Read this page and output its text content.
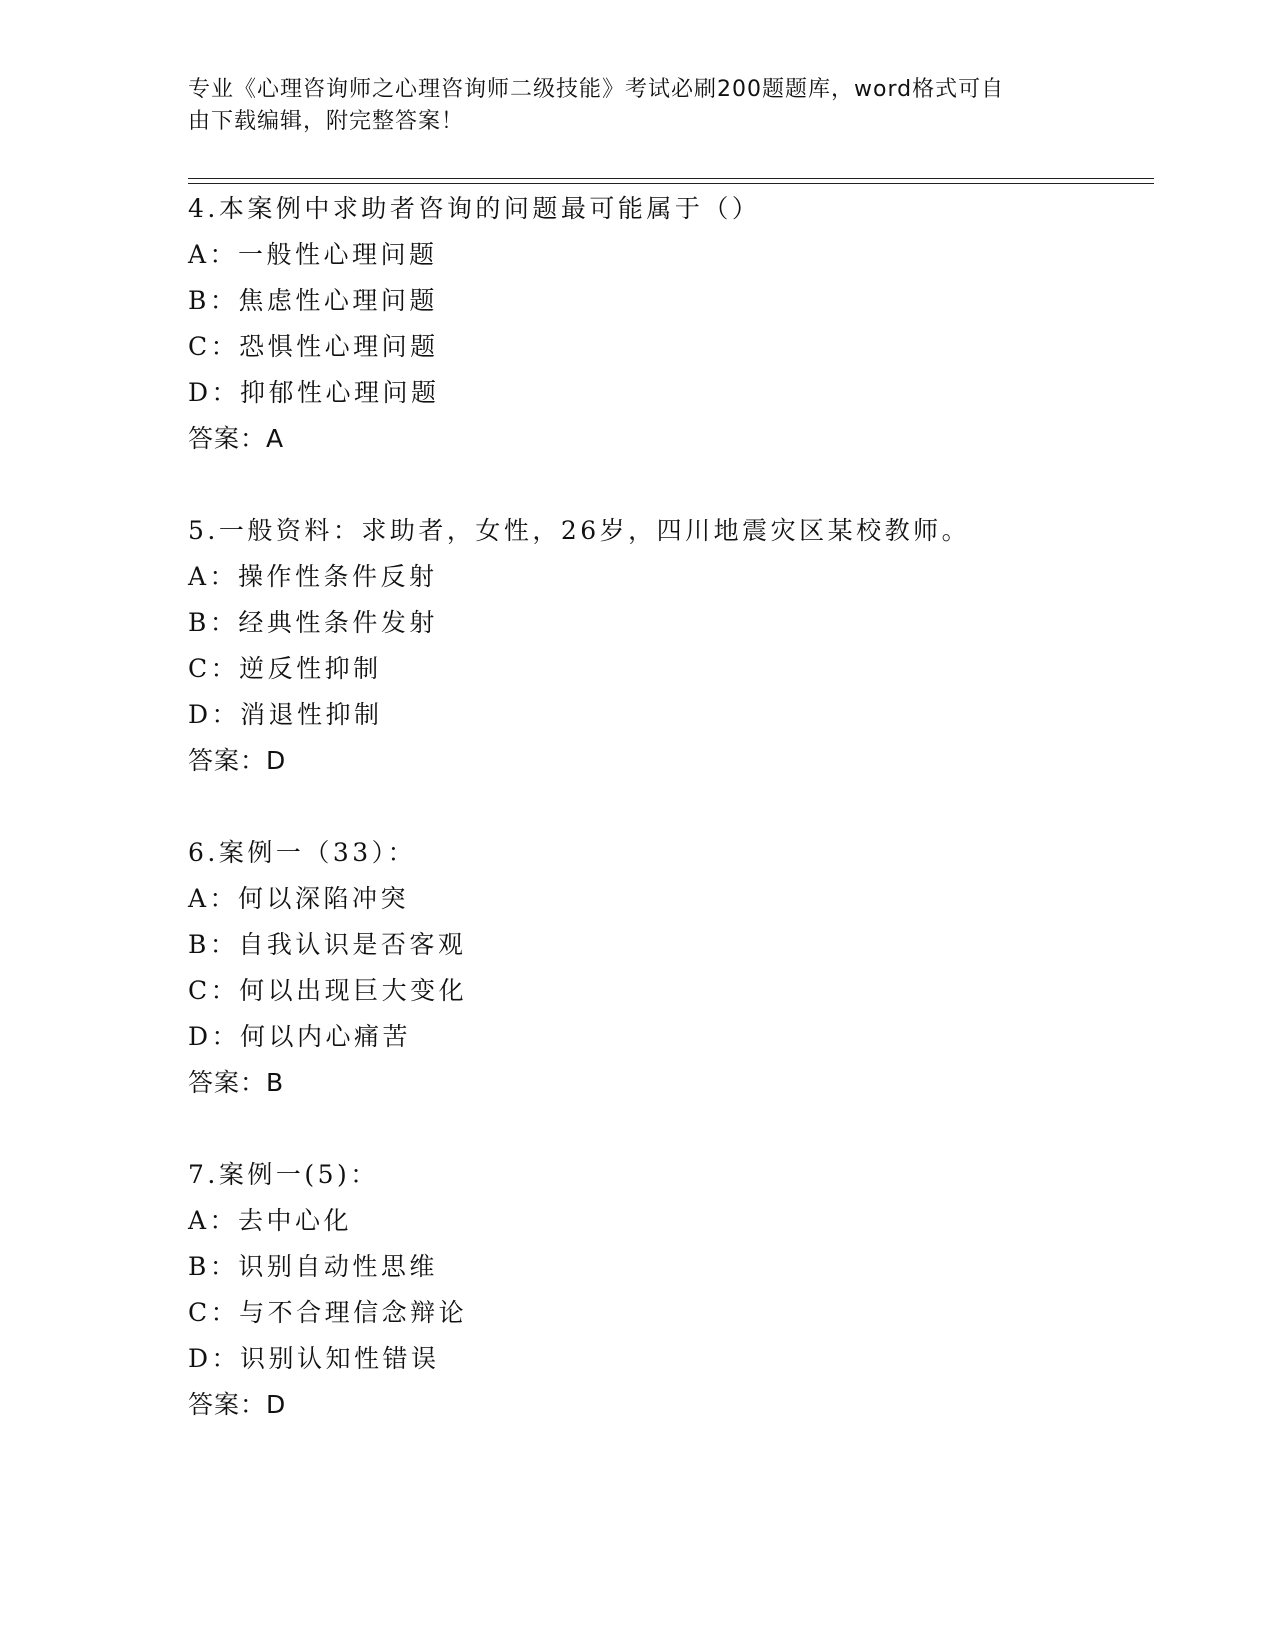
专业《心理咨询师之心理咨询师二级技能》考试必刷200题题库，word格式可自
由下载编辑，附完整答案！
4.本案例中求助者咨询的问题最可能属于（）
A：一般性心理问题
B：焦虑性心理问题
C：恐惧性心理问题
D：抑郁性心理问题
答案：A
5.一般资料：求助者，女性，26岁，四川地震灾区某校教师。
A：操作性条件反射
B：经典性条件发射
C：逆反性抑制
D：消退性抑制
答案：D
6.案例一（33）：
A：何以深陷冲突
B：自我认识是否客观
C：何以出现巨大变化
D：何以内心痛苦
答案：B
7.案例一(5)：
A：去中心化
B：识别自动性思维
C：与不合理信念辩论
D：识别认知性错误
答案：D
